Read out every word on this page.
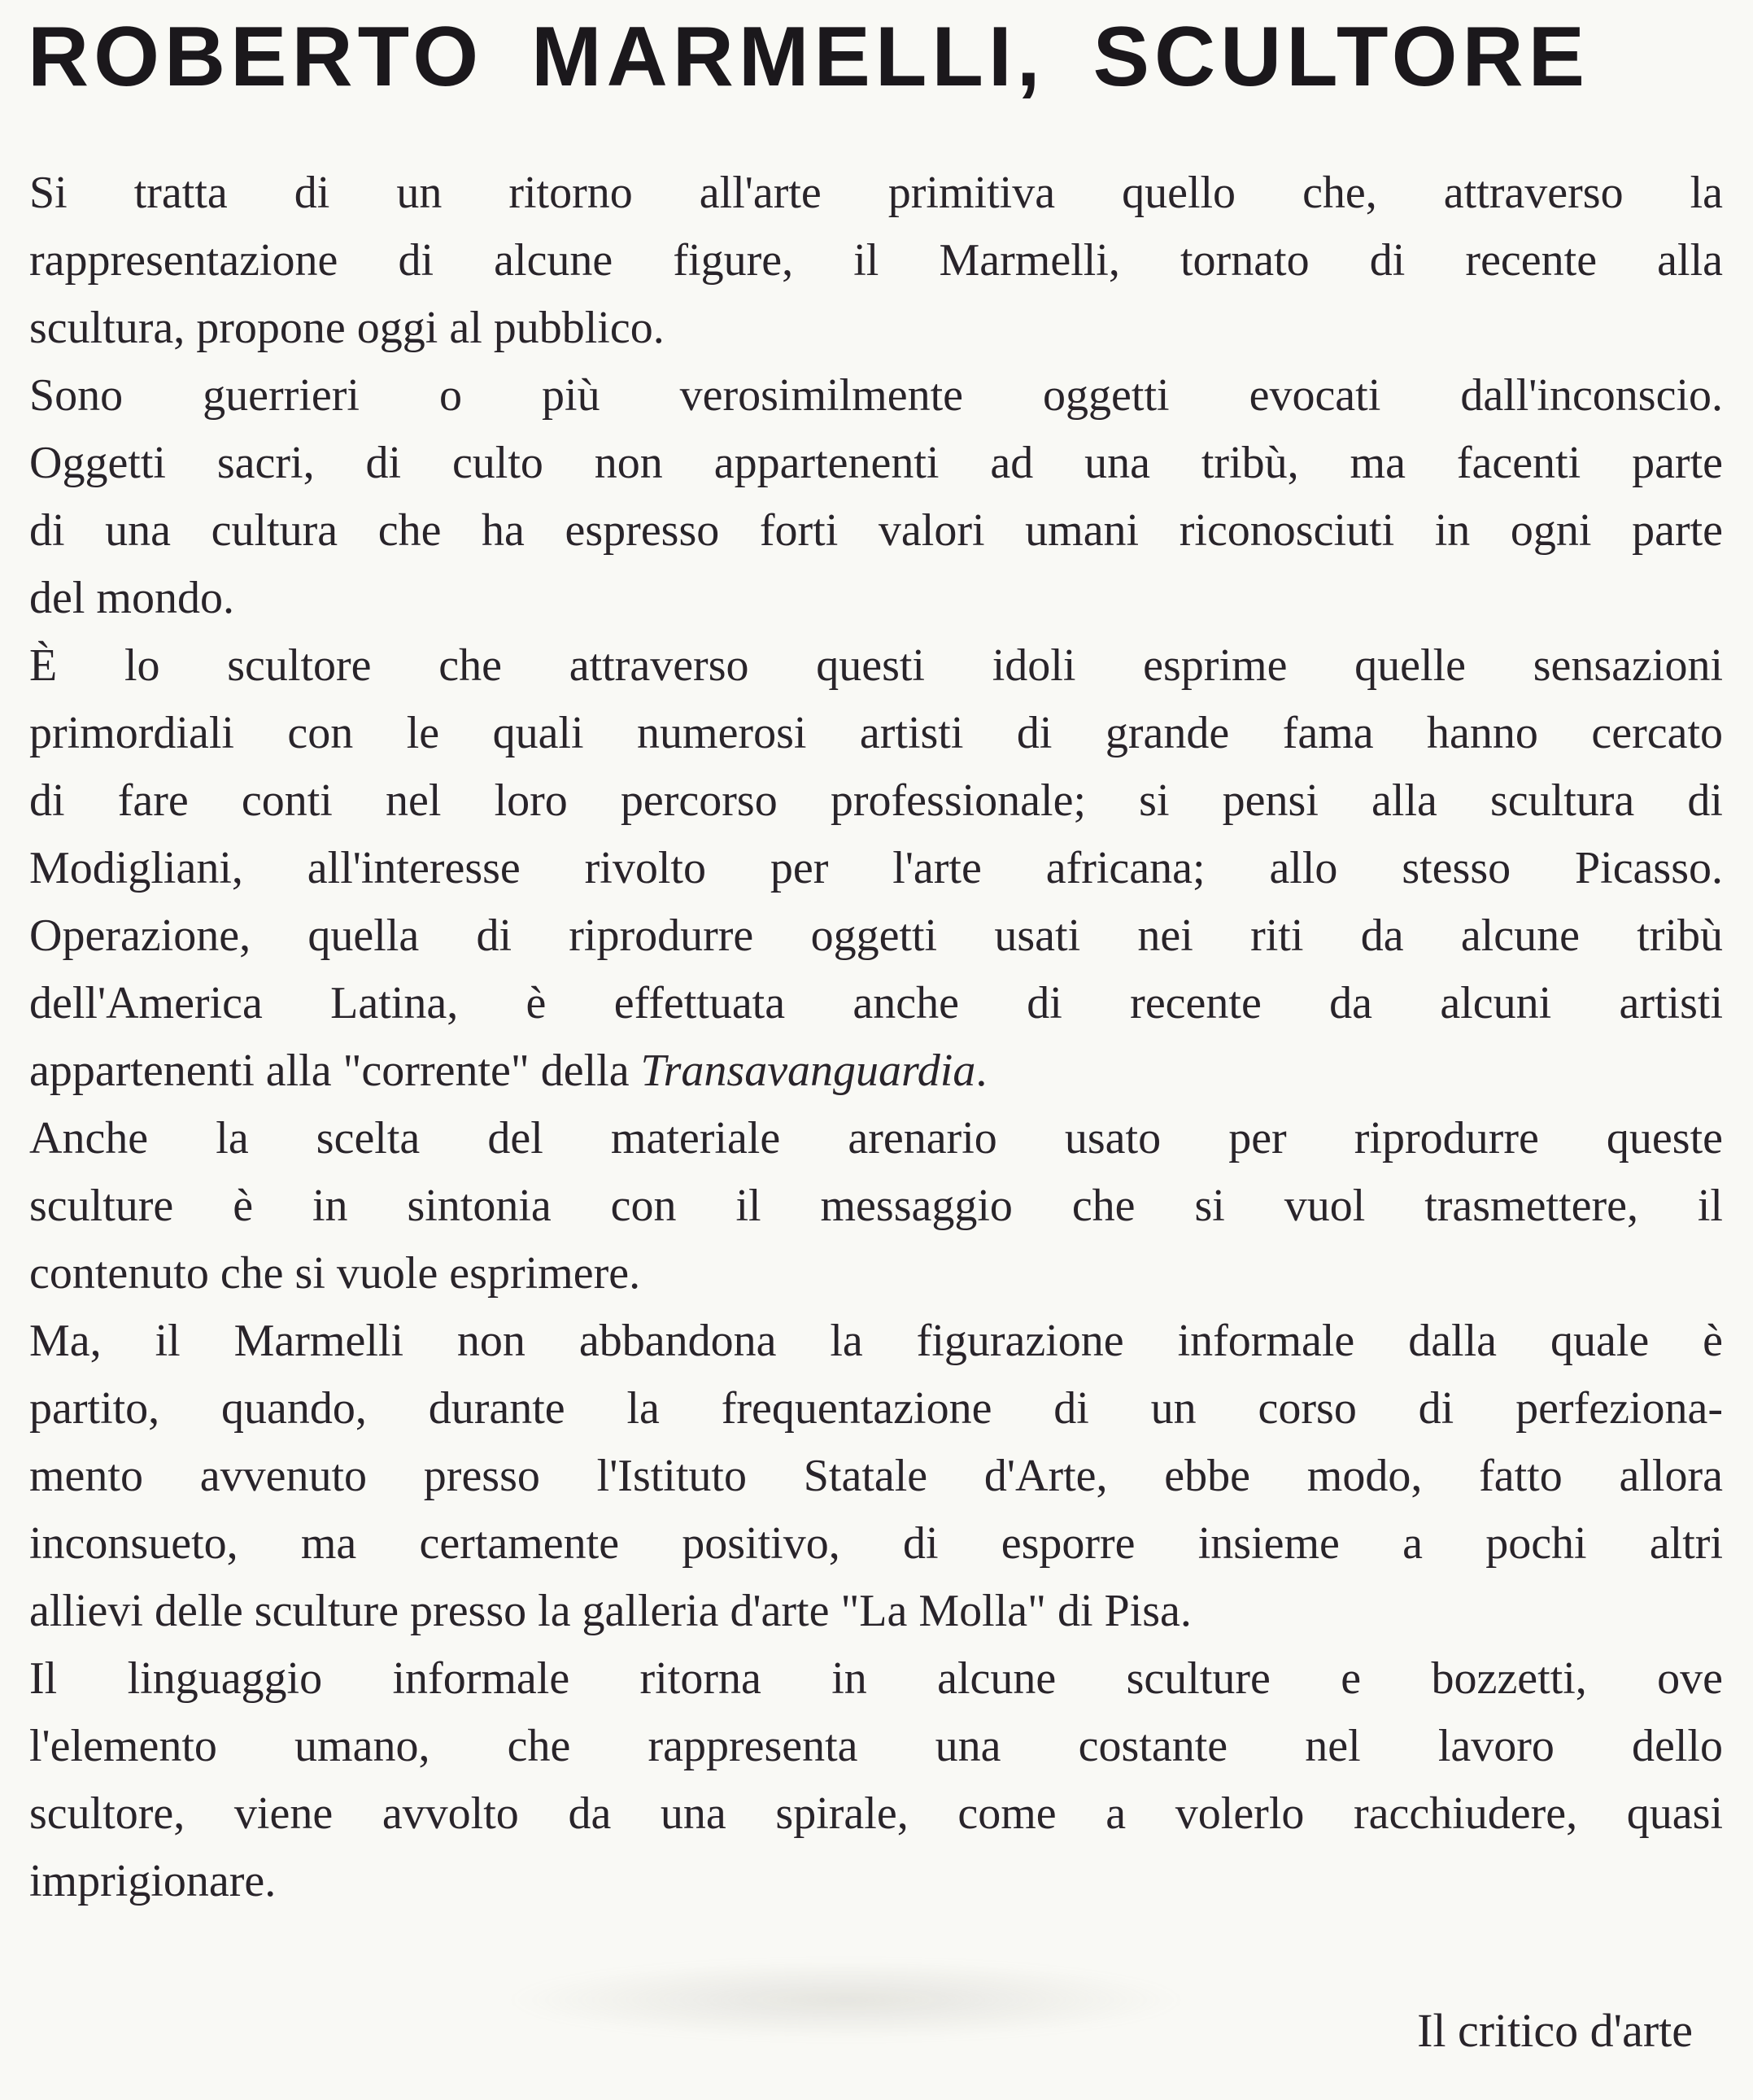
ROBERTO MARMELLI, SCULTORE
Si tratta di un ritorno all'arte primitiva quello che, attraverso la
rappresentazione di alcune figure, il Marmelli, tornato di recente alla
scultura, propone oggi al pubblico.
Sono guerrieri o più verosimilmente oggetti evocati dall'inconscio.
Oggetti sacri, di culto non appartenenti ad una tribù, ma facenti parte
di una cultura che ha espresso forti valori umani riconosciuti in ogni parte
del mondo.
È lo scultore che attraverso questi idoli esprime quelle sensazioni
primordiali con le quali numerosi artisti di grande fama hanno cercato
di fare conti nel loro percorso professionale; si pensi alla scultura di
Modigliani, all'interesse rivolto per l'arte africana; allo stesso Picasso.
Operazione, quella di riprodurre oggetti usati nei riti da alcune tribù
dell'America Latina, è effettuata anche di recente da alcuni artisti
appartenenti alla "corrente" della Transavanguardia.
Anche la scelta del materiale arenario usato per riprodurre queste
sculture è in sintonia con il messaggio che si vuol trasmettere, il
contenuto che si vuole esprimere.
Ma, il Marmelli non abbandona la figurazione informale dalla quale è
partito, quando, durante la frequentazione di un corso di perfeziona-
mento avvenuto presso l'Istituto Statale d'Arte, ebbe modo, fatto allora
inconsueto, ma certamente positivo, di esporre insieme a pochi altri
allievi delle sculture presso la galleria d'arte "La Molla" di Pisa.
Il linguaggio informale ritorna in alcune sculture e bozzetti, ove
l'elemento umano, che rappresenta una costante nel lavoro dello
scultore, viene avvolto da una spirale, come a volerlo racchiudere, quasi
imprigionare.
Il critico d'arte
